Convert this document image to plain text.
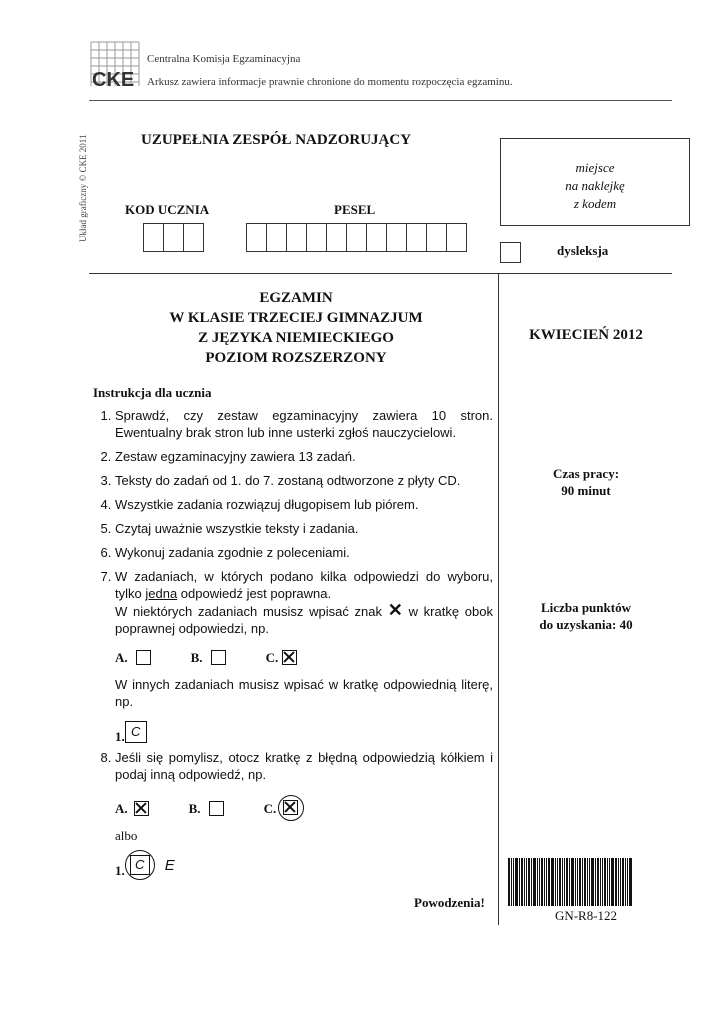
CKE
Centralna Komisja Egzaminacyjna
Arkusz zawiera informacje prawnie chronione do momentu rozpoczęcia egzaminu.
Układ graficzny © CKE 2011	UZUPEŁNIA ZESPÓŁ NADZORUJĄCY
KOD UCZNIA	PESEL
miejsce
na naklejkę
z kodem
dysleksja
EGZAMIN
W KLASIE TRZECIEJ GIMNAZJUM
Z JĘZYKA NIEMIECKIEGO
POZIOM ROZSZERZONY
KWIECIEŃ 2012
Czas pracy:
90 minut
Liczba punktów
do uzyskania: 40
Instrukcja dla ucznia
1. Sprawdź, czy zestaw egzaminacyjny zawiera 10 stron. Ewentualny brak stron lub inne usterki zgłoś nauczycielowi.
2. Zestaw egzaminacyjny zawiera 13 zadań.
3. Teksty do zadań od 1. do 7. zostaną odtworzone z płyty CD.
4. Wszystkie zadania rozwiązuj długopisem lub piórem.
5. Czytaj uważnie wszystkie teksty i zadania.
6. Wykonuj zadania zgodnie z poleceniami.
7. W zadaniach, w których podano kilka odpowiedzi do wyboru, tylko jedna odpowiedź jest poprawna.
W niektórych zadaniach musisz wpisać znak ✕ w kratkę obok poprawnej odpowiedzi, np.
A.	B.	C.
W innych zadaniach musisz wpisać w kratkę odpowiednią literę, np.
1. C
8. Jeśli się pomylisz, otocz kratkę z błędną odpowiedzią kółkiem i podaj inną odpowiedź, np.
A.	B.	C.
albo
1. C	E
Powodzenia!
GN-R8-122
